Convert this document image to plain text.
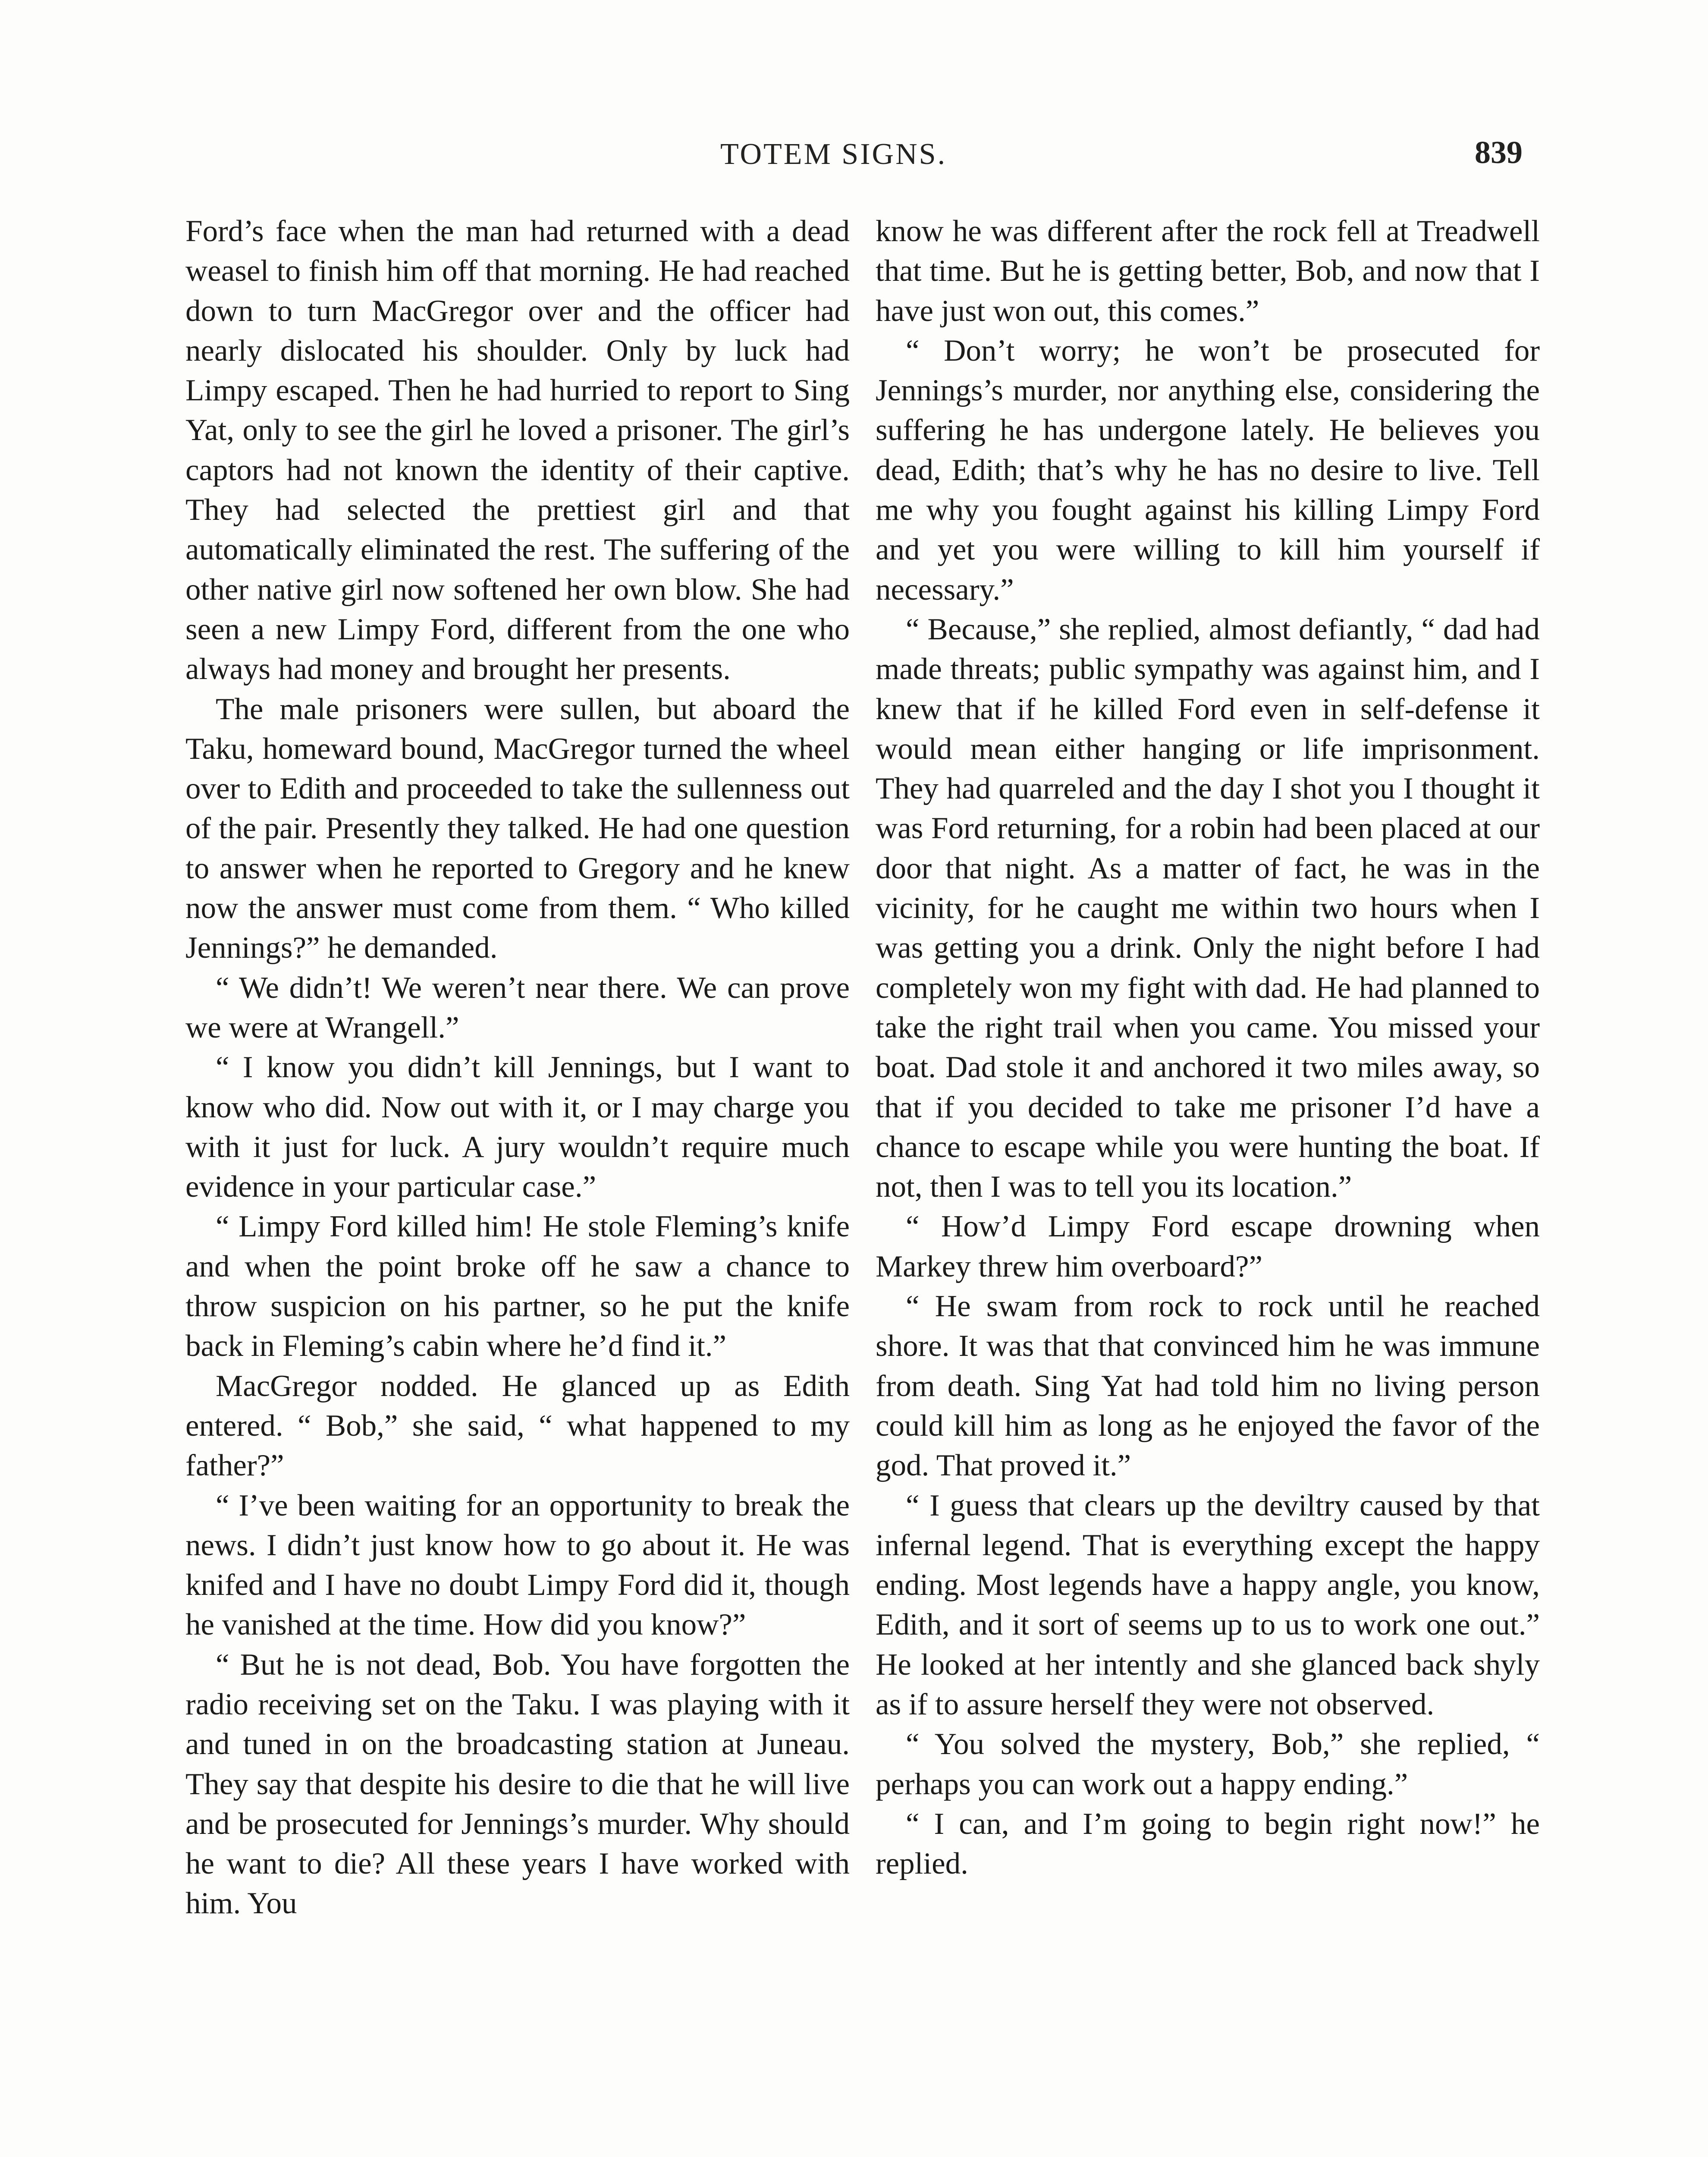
TOTEM SIGNS.	839

Ford’s face when the man had returned with a dead weasel to finish him off that morning. He had reached down to turn MacGregor over and the officer had nearly dislocated his shoulder. Only by luck had Limpy escaped. Then he had hurried to report to Sing Yat, only to see the girl he loved a prisoner. The girl’s captors had not known the identity of their captive. They had selected the prettiest girl and that automatically eliminated the rest. The suffering of the other native girl now softened her own blow. She had seen a new Limpy Ford, different from the one who always had money and brought her presents.

The male prisoners were sullen, but aboard the Taku, homeward bound, MacGregor turned the wheel over to Edith and proceeded to take the sullenness out of the pair. Presently they talked. He had one question to answer when he reported to Gregory and he knew now the answer must come from them. “ Who killed Jennings?” he demanded.

“ We didn’t! We weren’t near there. We can prove we were at Wrangell.”

“ I know you didn’t kill Jennings, but I want to know who did. Now out with it, or I may charge you with it just for luck. A jury wouldn’t require much evidence in your particular case.”

“ Limpy Ford killed him! He stole Fleming’s knife and when the point broke off he saw a chance to throw suspicion on his partner, so he put the knife back in Fleming’s cabin where he’d find it.”

MacGregor nodded. He glanced up as Edith entered. “ Bob,” she said, “ what happened to my father?”

“ I’ve been waiting for an opportunity to break the news. I didn’t just know how to go about it. He was knifed and I have no doubt Limpy Ford did it, though he vanished at the time. How did you know?”

“ But he is not dead, Bob. You have forgotten the radio receiving set on the Taku. I was playing with it and tuned in on the broadcasting station at Juneau. They say that despite his desire to die that he will live and be prosecuted for Jennings’s murder. Why should he want to die? All these years I have worked with him. You

know he was different after the rock fell at Treadwell that time. But he is getting better, Bob, and now that I have just won out, this comes.”

“ Don’t worry; he won’t be prosecuted for Jennings’s murder, nor anything else, considering the suffering he has undergone lately. He believes you dead, Edith; that’s why he has no desire to live. Tell me why you fought against his killing Limpy Ford and yet you were willing to kill him yourself if necessary.”

“ Because,” she replied, almost defiantly, “ dad had made threats; public sympathy was against him, and I knew that if he killed Ford even in self-defense it would mean either hanging or life imprisonment. They had quarreled and the day I shot you I thought it was Ford returning, for a robin had been placed at our door that night. As a matter of fact, he was in the vicinity, for he caught me within two hours when I was getting you a drink. Only the night before I had completely won my fight with dad. He had planned to take the right trail when you came. You missed your boat. Dad stole it and anchored it two miles away, so that if you decided to take me prisoner I’d have a chance to escape while you were hunting the boat. If not, then I was to tell you its location.”

“ How’d Limpy Ford escape drowning when Markey threw him overboard?”

“ He swam from rock to rock until he reached shore. It was that that convinced him he was immune from death. Sing Yat had told him no living person could kill him as long as he enjoyed the favor of the god. That proved it.”

“ I guess that clears up the deviltry caused by that infernal legend. That is everything except the happy ending. Most legends have a happy angle, you know, Edith, and it sort of seems up to us to work one out.” He looked at her intently and she glanced back shyly as if to assure herself they were not observed.

“ You solved the mystery, Bob,” she replied, “ perhaps you can work out a happy ending.”

“ I can, and I’m going to begin right now!” he replied.
